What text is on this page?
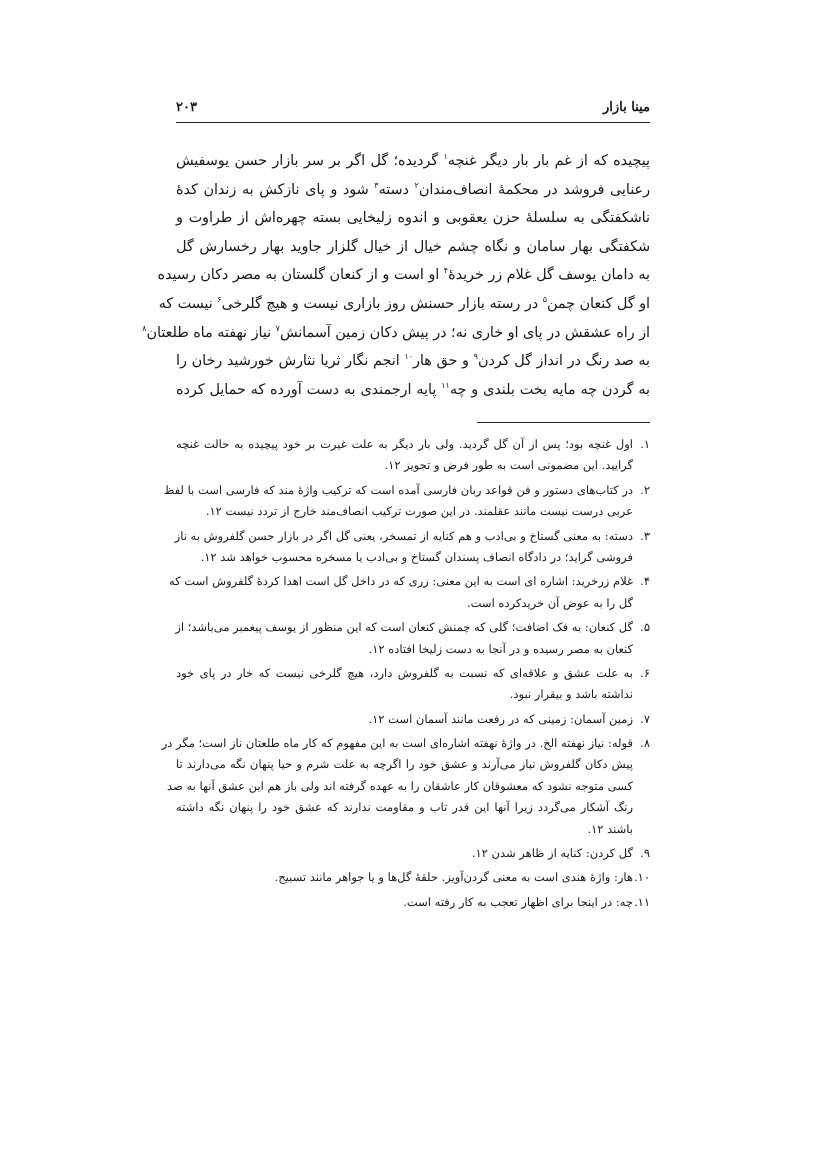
مینا بازار
۲۰۳
پیچیده که از غم بار بار دیگر غنچه$^۱$ گردیده؛ گل اگر بر سر بازار حسن یوسفیش
رعنایی فروشد در محکمهٔ انصاف‌مندان$^۲$ دسته$^۳$ شود و پای نازکش به زندان کدهٔ
ناشکفتگی به سلسلهٔ حزن یعقوبی و اندوه زلیخایی بسته چهره‌اش از طراوت و
شکفتگی بهار سامان و نگاه چشم خیال از خیال گلزار جاوید بهار رخسارش گل
به دامان یوسف گل غلام زر خریدهٔ$^۴$ او است و از کنعان گلستان به مصر دکان رسیده
او گل کنعان چمن$^۵$ در رسته بازار حسنش روز بازاری نیست و هیچ گلرخی$^۶$ نیست که
از راه عشقش در پای او خاری نه؛ در پیش دکان زمین آسمانش$^۷$ نیاز نهفته ماه طلعتان$^۸$
به صد رنگ در انداز گل کردن$^۹$ و حق هار$^{۱۰}$ انجم نگار ثریا نثارش خورشید رخان را
به گردن چه مایه بخت بلندی و چه$^{۱۱}$ پایه ارجمندی به دست آورده که حمایل کرده
۱.
اول غنچه بود؛ پس از آن گل گردید. ولی بار دیگر به علت غیرت بر خود پیچیده به حالت غنچه
گرایید. این مضمونی است به طور فرض و تجویز ۱۲.
۲.
در کتاب‌های دستور و فن قواعد ربان فارسی آمده است که ترکیب واژهٔ مند که فارسی است با لفظ
عربی درست نیست مانند عقلمند. در این صورت ترکیب انصاف‌مند خارج از تردد نیست ۱۲.
۳.
دسته: به معنی گستاخ و بی‌ادب و هم کنایه از تمسخر، یعنی گل اگر در بازار حسن گلفروش به ناز
فروشی گراید؛ در دادگاه انصاف پسندان گستاخ و بی‌ادب یا مسخره محسوب خواهد شد ۱۲.
۴.
غلام زرخرید: اشاره ای است به این معنی: زری که در داخل گل است اهدا کردهٔ گلفروش است که
گل را به عوض آن خریدکرده است.
۵.
گل کنعان: به فک اضافت؛ گلی که چمنش کنعان است که این منظور از یوسف پیغمبر می‌باشد؛ از
کنعان به مصر رسیده و در آنجا به دست زلیخا افتاده ۱۲.
۶.
به علت عشق و علاقه‌ای که نسبت به گلفروش دارد، هیچ گلرخی نیست که خار در پای خود
نداشته باشد و بیقرار نبود.
۷.
زمین آسمان: زمینی که در رفعت مانند آسمان است ۱۲.
۸.
قوله: نیاز نهفته الخ. در واژهٔ نهفته اشاره‌ای است به این مفهوم که کار ماه طلعتان ناز است؛ مگر در
پیش دکان گلفروش نیاز می‌آرند و عشق خود را اگرچه به علت شرم و حیا پنهان نگه می‌دارند تا
کسی متوجه نشود که معشوقان کار عاشقان را به عهده گرفته اند ولی باز هم این عشق آنها به صد
رنگ آشکار می‌گردد زیرا آنها این قدر تاب و مقاومت ندارند که عشق خود را پنهان نگه داشته
باشند ۱۲.
۹.
گل کردن: کنایه از ظاهر شدن ۱۲.
۱۰.
هار: واژهٔ هندی است به معنی گردن‌آویز. حلقهٔ گل‌ها و یا جواهر مانند تسبیح.
۱۱.
چه: در اینجا برای اظهار تعجب به کار رفته است.
